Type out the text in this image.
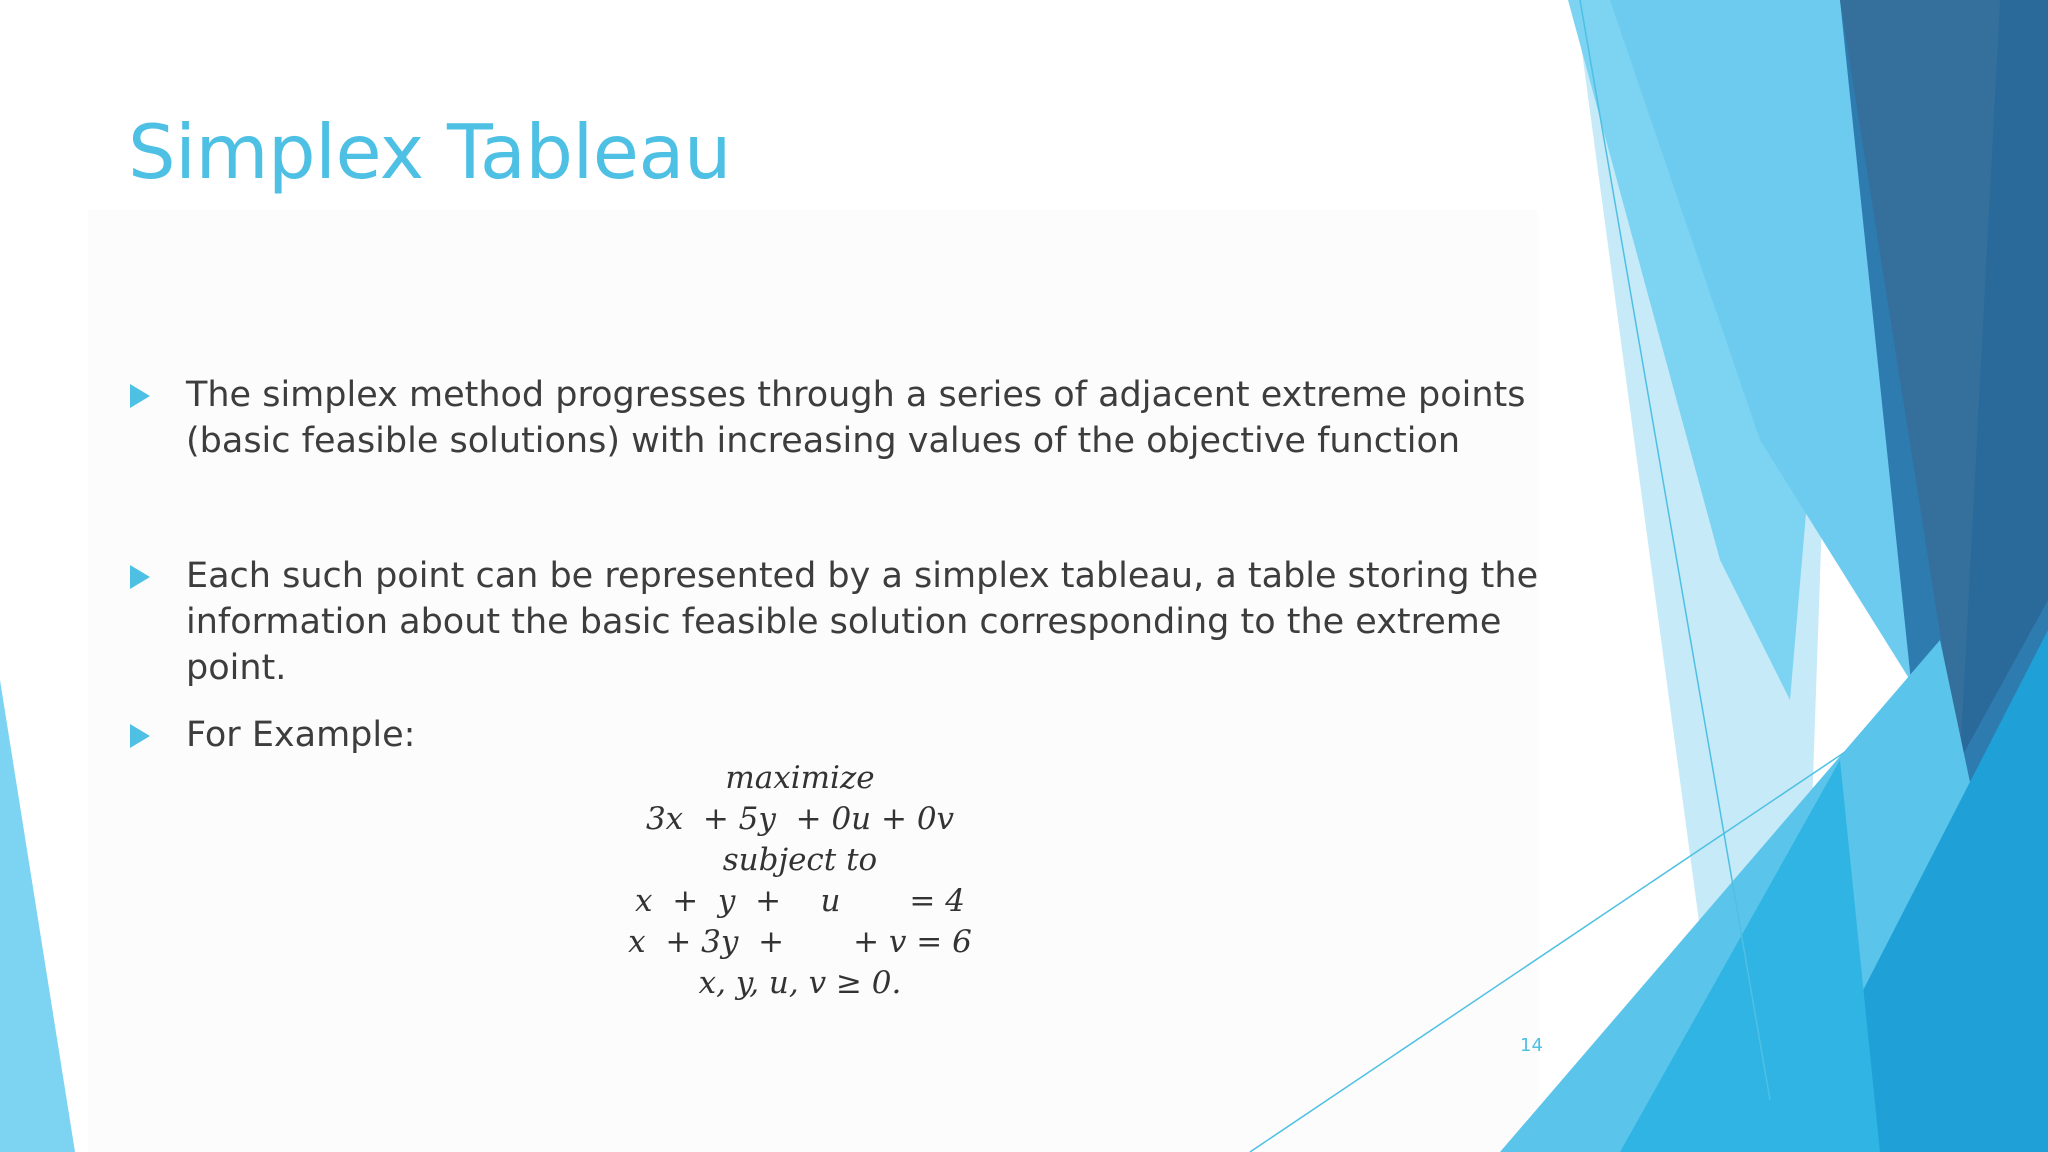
Simplex Tableau
The simplex method progresses through a series of adjacent extreme points
(basic feasible solutions) with increasing values of the objective function
Each such point can be represented by a simplex tableau, a table storing the
information about the basic feasible solution corresponding to the extreme
point.
For Example:
maximize
3x  + 5y  + 0u + 0v
subject to
x  +  y  +    u       = 4
x  + 3y  +       + v = 6
x, y, u, v ≥ 0.
14
